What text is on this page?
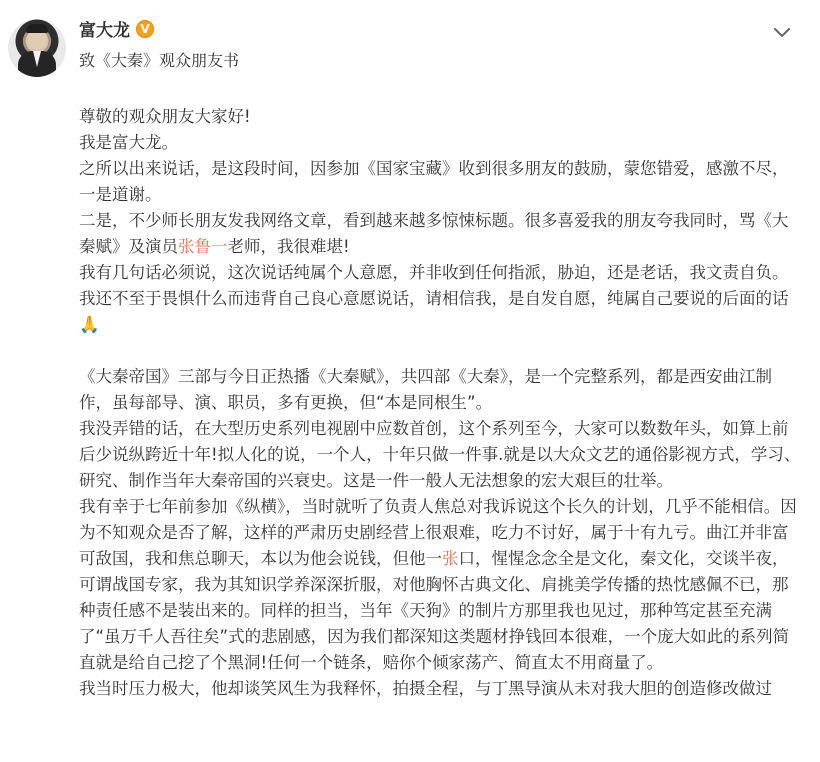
富大龙 V
致《大秦》观众朋友书

尊敬的观众朋友大家好!

我是富大龙。

之所以出来说话，是这段时间，因参加《国家宝藏》收到很多朋友的鼓励，蒙您错爱，感激不尽，一是道谢。

二是，不少师长朋友发我网络文章，看到越来越多惊悚标题。很多喜爱我的朋友夸我同时，骂《大秦赋》及演员张鲁一老师，我很难堪!

我有几句话必须说，这次说话纯属个人意愿，并非收到任何指派，胁迫，还是老话，我文责自负。我还不至于畏惧什么而违背自己良心意愿说话，请相信我，是自发自愿，纯属自己要说的后面的话🙏

《大秦帝国》三部与今日正热播《大秦赋》，共四部《大秦》，是一个完整系列，都是西安曲江制作，虽每部导、演、职员，多有更换，但“本是同根生”。

我没弄错的话，在大型历史系列电视剧中应数首创，这个系列至今，大家可以数数年头，如算上前后少说纵跨近十年!拟人化的说，一个人，十年只做一件事.就是以大众文艺的通俗影视方式，学习、研究、制作当年大秦帝国的兴衰史。这是一件一般人无法想象的宏大艰巨的壮举。

我有幸于七年前参加《纵横》，当时就听了负责人焦总对我诉说这个长久的计划，几乎不能相信。因为不知观众是否了解，这样的严肃历史剧经营上很艰难，吃力不讨好，属于十有九亏。曲江并非富可敌国，我和焦总聊天，本以为他会说钱，但他一张口，惺惺念念全是文化，秦文化，交谈半夜，可谓战国专家，我为其知识学养深深折服，对他胸怀古典文化、肩挑美学传播的热忱感佩不已，那种责任感不是装出来的。同样的担当，当年《天狗》的制片方那里我也见过，那种笃定甚至充满了“虽万千人吾往矣”式的悲剧感，因为我们都深知这类题材挣钱回本很难，一个庞大如此的系列简直就是给自己挖了个黑洞!任何一个链条，赔你个倾家荡产、简直太不用商量了。

我当时压力极大，他却谈笑风生为我释怀，拍摄全程，与丁黑导演从未对我大胆的创造修改做过
